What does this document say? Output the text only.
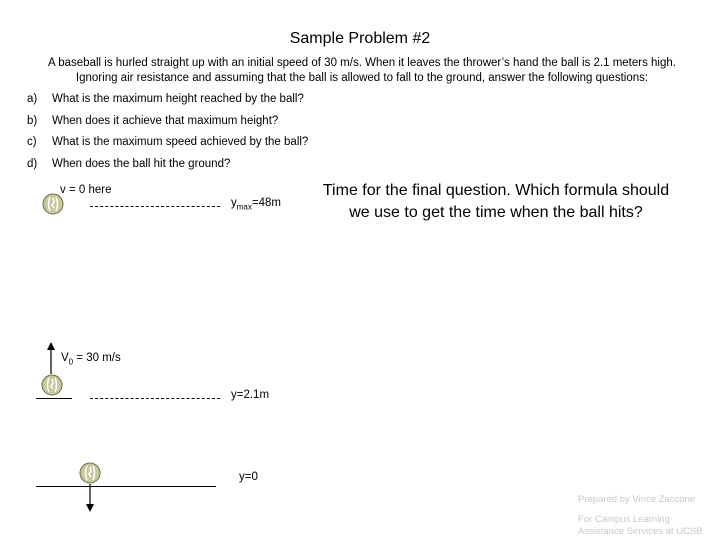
Sample Problem #2
A baseball is hurled straight up with an initial speed of 30 m/s. When it leaves the thrower’s hand the ball is 2.1 meters high.
Ignoring air resistance and assuming that the ball is allowed to fall to the ground, answer the following questions:
a) What is the maximum height reached by the ball?
b) When does it achieve that maximum height?
c) What is the maximum speed achieved by the ball?
d) When does the ball hit the ground?
v = 0 here
$y_{max}=48m$
Time for the final question. Which formula should
we use to get the time when the ball hits?
$V_0 = 30$ m/s
y=2.1m
y=0
Prepared by Vince Zaccone
For Campus Learning
Assistance Services at UCSB
